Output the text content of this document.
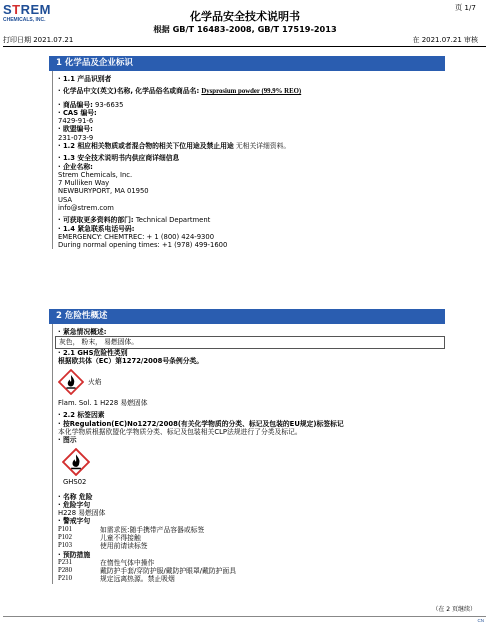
STREM
CHEMICALS, INC.	化学品安全技术说明书
根据 GB/T 16483-2008, GB/T 17519-2013
页 1/7
打印日期 2021.07.21	在 2021.07.21 审核
1 化学品及企业标识
· 1.1 产品识别者
· 化学品中文(英文)名称, 化学品俗名或商品名: Dysprosium powder (99.9% REO)
· 商品编号: 93-6635
· CAS 编号:
7429-91-6
· 欧盟编号:
231-073-9
· 1.2 相应相关物质或者混合物的相关下位用途及禁止用途 无相关详细资料。
· 1.3 安全技术说明书内供应商详细信息
· 企业名称:
Strem Chemicals, Inc.
7 Mulliken Way
NEWBURYPORT, MA 01950
USA
info@strem.com
· 可获取更多资料的部门: Technical Department
· 1.4 紧急联系电话号码:
EMERGENCY: CHEMTREC: + 1 (800) 424-9300
During normal opening times: +1 (978) 499-1600
2 危险性概述
· 紧急情况概述:
灰色， 粉末， 易燃固体。
· 2.1 GHS危险性类别
根据欧共体（EC）第1272/2008号条例分类。
火焰
Flam. Sol. 1 H228 易燃固体
· 2.2 标签因素
· 按Regulation(EC)No1272/2008(有关化学物质的分类、标记及包装的EU规定)标签标记
本化学物质根据欧盟化学物质分类、标记及包装相关CLP法规进行了分类及标记。
· 图示
GHS02
· 名称 危险
· 危险字句
H228 易燃固体
· 警戒字句
P101	如需求医:随手携带产品容器或标签
P102	儿童不得接触
P103	使用前请读标签
· 预防措施
P231	在惰性气体中操作
P280	戴防护手套/穿防护服/戴防护眼罩/戴防护面具
P210	规定远离热源。禁止吸烟
（在 2 页继续）
CN
